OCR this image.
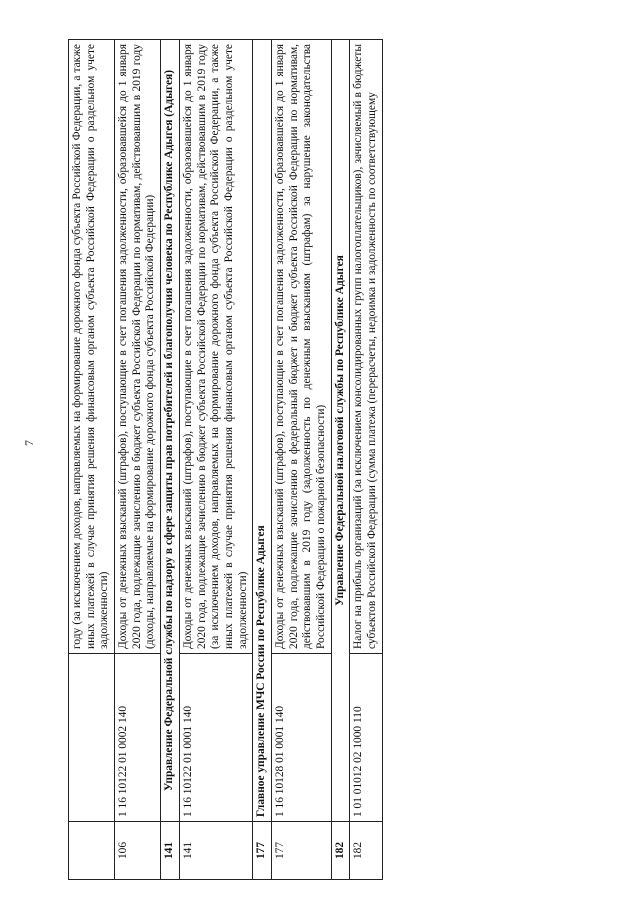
7
			году (за исключением доходов, направляемых на формирование дорожного фонда субъекта Российской Федерации, а также иных платежей в случае принятия решения финансовым органом субъекта Российской Федерации о раздельном учете задолженности)
106	1 16 10122 01 0002 140	Доходы от денежных взысканий (штрафов), поступающие в счет погашения задолженности, образовавшейся до 1 января 2020 года, подлежащие зачислению в бюджет субъекта Российской Федерации по нормативам, действовавшим в 2019 году (доходы, направляемые на формирование дорожного фонда субъекта Российской Федерации)
141	Управление Федеральной службы по надзору в сфере защиты прав потребителей и благополучия человека по Республике Адыгея (Адыгея)	
141	1 16 10122 01 0001 140	Доходы от денежных взысканий (штрафов), поступающие в счет погашения задолженности, образовавшейся до 1 января 2020 года, подлежащие зачислению в бюджет субъекта Российской Федерации по нормативам, действовавшим в 2019 году (за исключением доходов, направляемых на формирование дорожного фонда субъекта Российской Федерации, а также иных платежей в случае принятия решения финансовым органом субъекта Российской Федерации о раздельном учете задолженности)
177	Главное управление МЧС России по Республике Адыгея	
177	1 16 10128 01 0001 140	Доходы от денежных взысканий (штрафов), поступающие в счет погашения задолженности, образовавшейся до 1 января 2020 года, подлежащие зачислению в федеральный бюджет и бюджет субъекта Российской Федерации по нормативам, действовавшим в 2019 году (задолженность по денежным взысканиям (штрафам) за нарушение законодательства Российской Федерации о пожарной безопасности)
182	Управление Федеральной налоговой службы по Республике Адыгея	
182	1 01 01012 02 1000 110	Налог на прибыль организаций (за исключением консолидированных групп налогоплательщиков), зачисляемый в бюджеты субъектов Российской Федерации (сумма платежа (перерасчеты, недоимка и задолженность по соответствующему
